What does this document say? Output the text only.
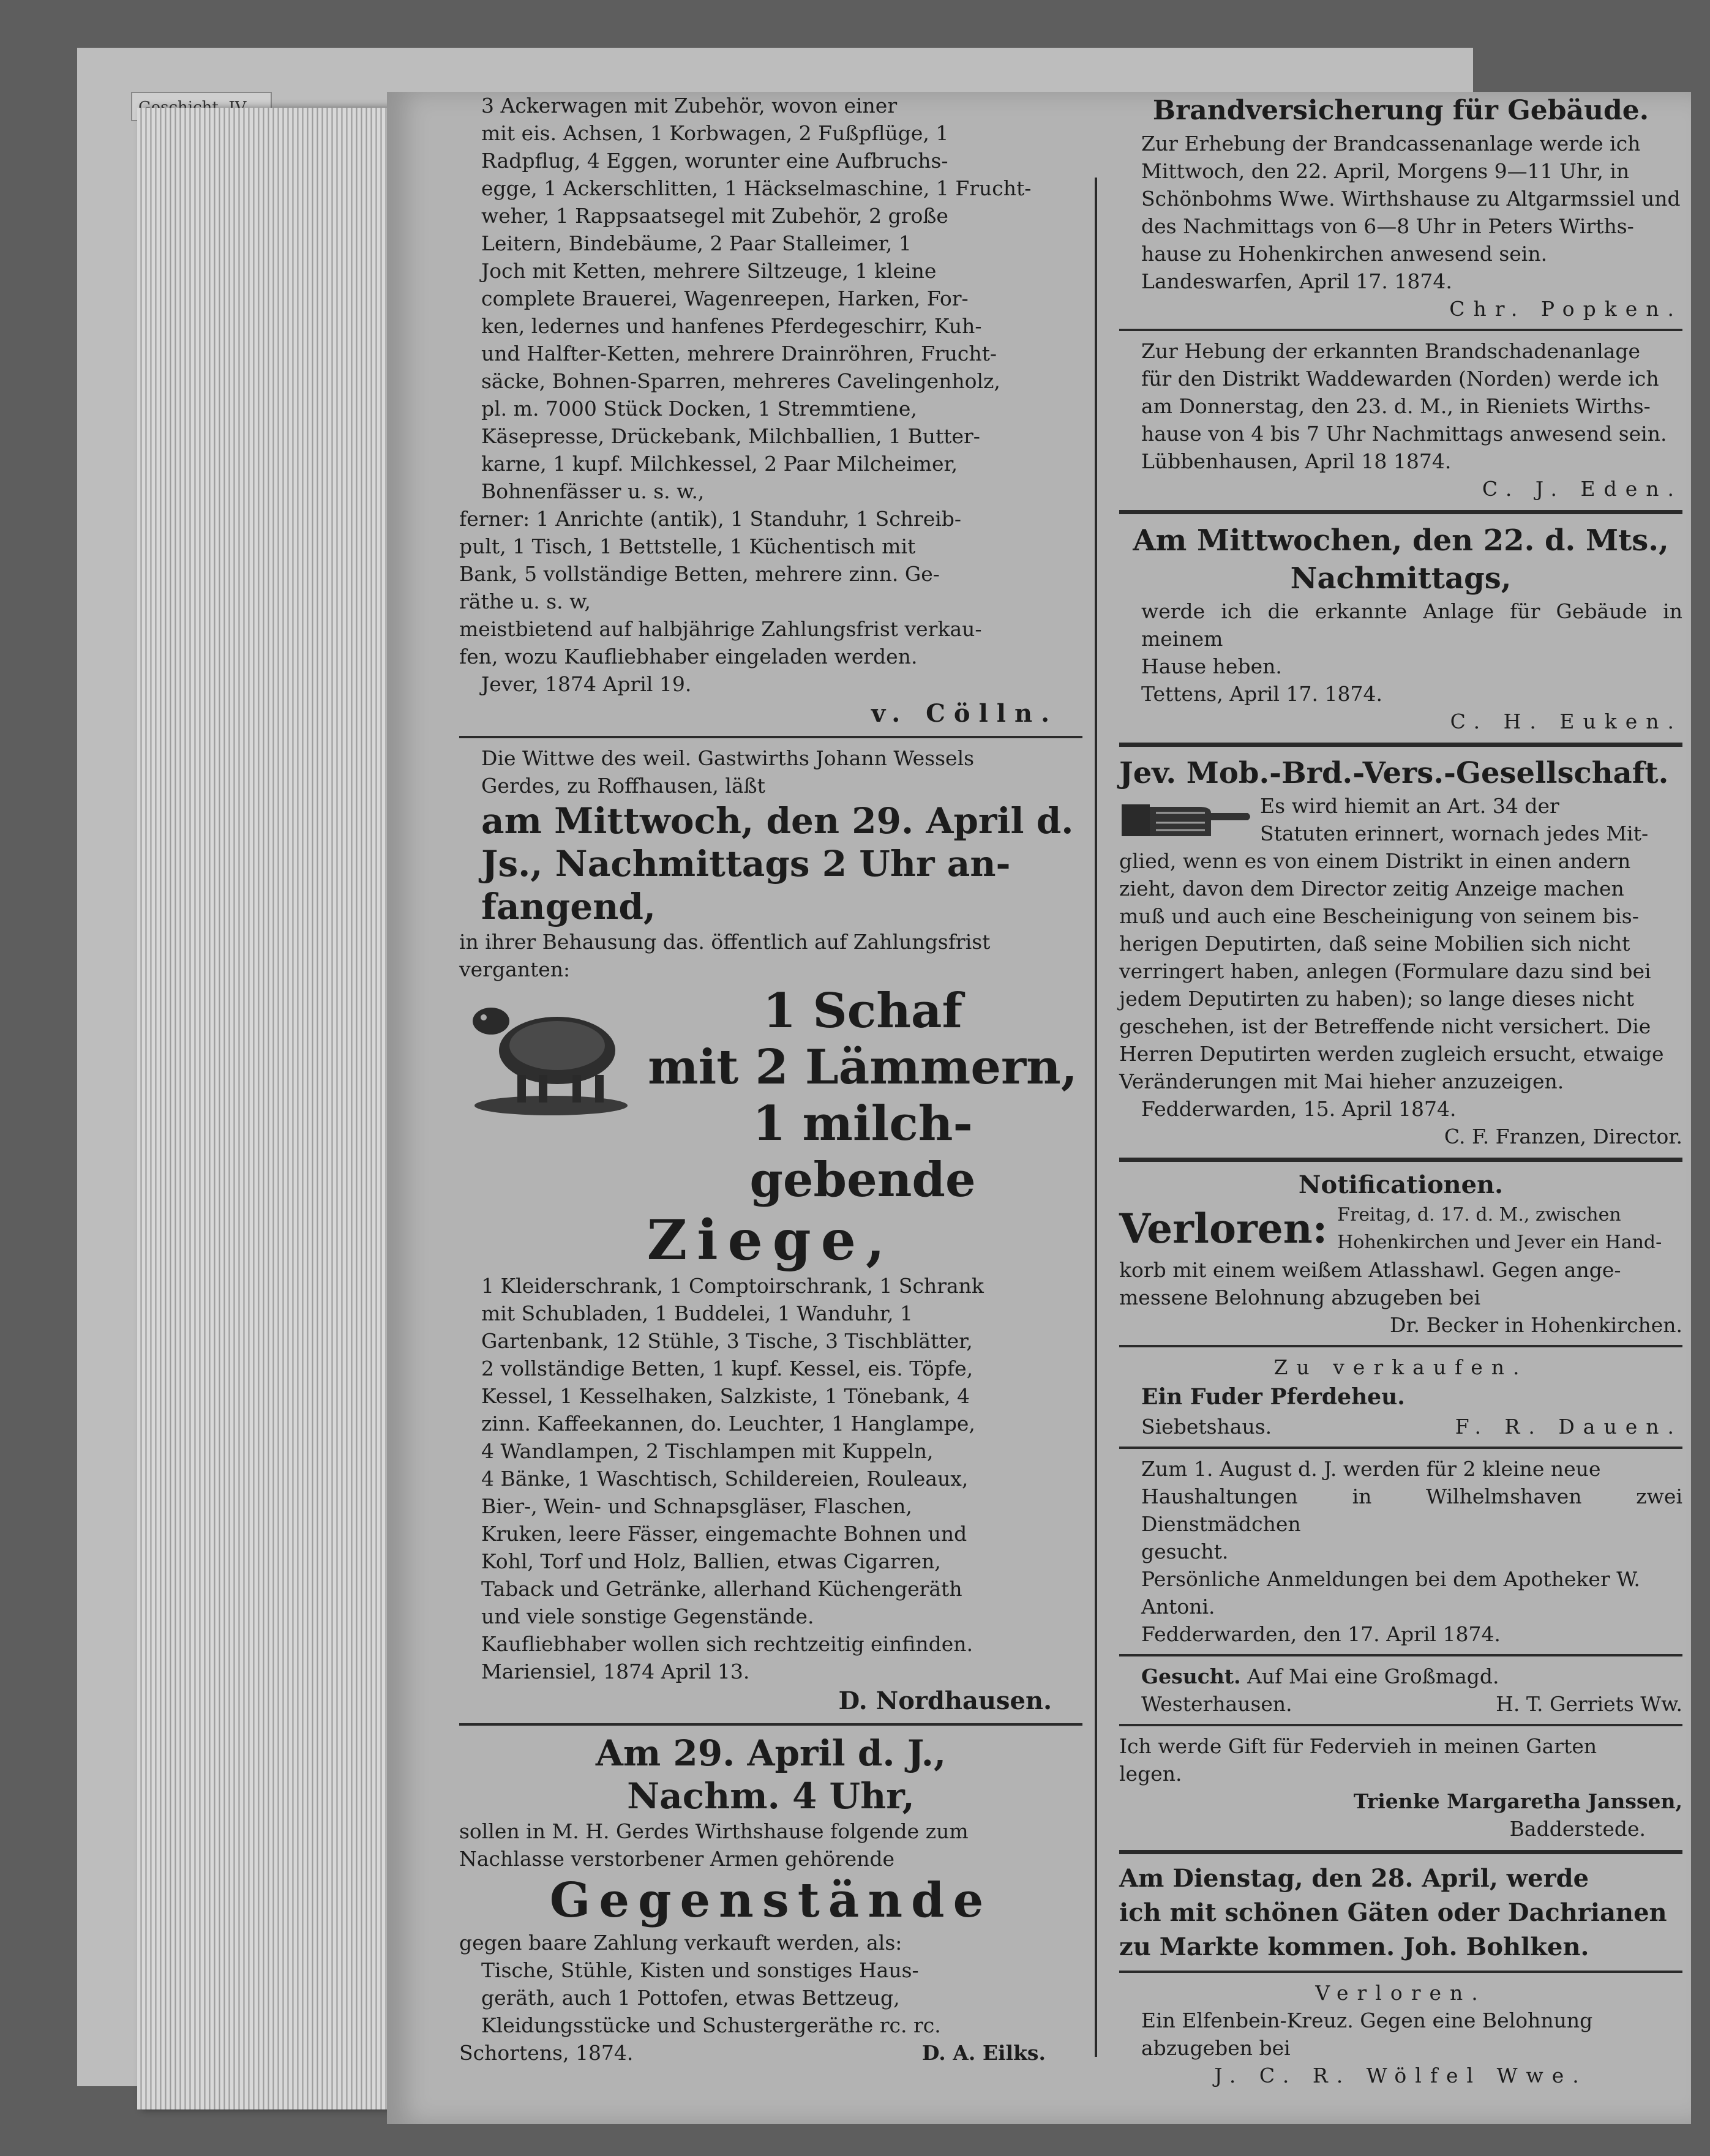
3 Ackerwagen mit Zubehör, wovon einer
mit eis. Achsen, 1 Korbwagen, 2 Fußpflüge, 1
Radpflug, 4 Eggen, worunter eine Aufbruchs-
egge, 1 Ackerschlitten, 1 Häckselmaschine, 1 Frucht-
weher, 1 Rappsaatsegel mit Zubehör, 2 große
Leitern, Bindebäume, 2 Paar Stalleimer, 1
Joch mit Ketten, mehrere Siltzeuge, 1 kleine
complete Brauerei, Wagenreepen, Harken, For-
ken, ledernes und hanfenes Pferdegeschirr, Kuh-
und Halfter-Ketten, mehrere Drainröhren, Frucht-
säcke, Bohnen-Sparren, mehreres Cavelingenholz,
pl. m. 7000 Stück Docken, 1 Stremmtiene,
Käsepresse, Drückebank, Milchballien, 1 Butter-
karne, 1 kupf. Milchkessel, 2 Paar Milcheimer,
Bohnenfässer u. s. w.,
ferner: 1 Anrichte (antik), 1 Standuhr, 1 Schreib-
pult, 1 Tisch, 1 Bettstelle, 1 Küchentisch mit
Bank, 5 vollständige Betten, mehrere zinn. Ge-
räthe u. s. w,
meistbietend auf halbjährige Zahlungsfrist verkau-
fen, wozu Kaufliebhaber eingeladen werden.

Jever, 1874 April 19.

v. Cölln.

Die Wittwe des weil. Gastwirths Johann Wessels
Gerdes, zu Roffhausen, läßt
am Mittwoch, den 29. April d.
Js., Nachmittags 2 Uhr an-
fangend,
in ihrer Behausung das. öffentlich auf Zahlungsfrist
verganten:
1 Schaf
mit 2 Lämmern, 1 milch-
gebende

Ziege,

1 Kleiderschrank, 1 Comptoirschrank, 1 Schrank
mit Schubladen, 1 Buddelei, 1 Wanduhr, 1
Gartenbank, 12 Stühle, 3 Tische, 3 Tischblätter,
2 vollständige Betten, 1 kupf. Kessel, eis. Töpfe,
Kessel, 1 Kesselhaken, Salzkiste, 1 Tönebank, 4
zinn. Kaffeekannen, do. Leuchter, 1 Hanglampe,
4 Wandlampen, 2 Tischlampen mit Kuppeln,
4 Bänke, 1 Waschtisch, Schildereien, Rouleaux,
Bier-, Wein- und Schnapsgläser, Flaschen,
Kruken, leere Fässer, eingemachte Bohnen und
Kohl, Torf und Holz, Ballien, etwas Cigarren,
Taback und Getränke, allerhand Küchengeräth
und viele sonstige Gegenstände.

Kaufliebhaber wollen sich rechtzeitig einfinden.

Mariensiel, 1874 April 13.

D. Nordhausen.

Am 29. April d. J.,
Nachm. 4 Uhr,
sollen in M. H. Gerdes Wirthshause folgende zum
Nachlasse verstorbener Armen gehörende

Gegenstände

gegen baare Zahlung verkauft werden, als:

Tische, Stühle, Kisten und sonstiges Haus-
geräth, auch 1 Pottofen, etwas Bettzeug,
Kleidungsstücke und Schustergeräthe rc. rc.
Schortens, 1874.	D. A. Eilks.

Brandversicherung für Gebäude.

Zur Erhebung der Brandcassenanlage werde ich
Mittwoch, den 22. April, Morgens 9—11 Uhr, in
Schönbohms Wwe. Wirthshause zu Altgarmssiel und
des Nachmittags von 6—8 Uhr in Peters Wirths-
hause zu Hohenkirchen anwesend sein.

Landeswarfen, April 17. 1874.

Chr. Popken.

Zur Hebung der erkannten Brandschadenanlage
für den Distrikt Waddewarden (Norden) werde ich
am Donnerstag, den 23. d. M., in Rieniets Wirths-
hause von 4 bis 7 Uhr Nachmittags anwesend sein.

Lübbenhausen, April 18 1874.

C. J. Eden.

Am Mittwochen, den 22. d. Mts.,
Nachmittags,
werde ich die erkannte Anlage für Gebäude in meinem
Hause heben.

Tettens, April 17. 1874.

C. H. Euken.

Jev. Mob.-Brd.-Vers.-Gesellschaft.

Es wird hiemit an Art. 34 der
Statuten erinnert, wornach jedes Mit-
glied, wenn es von einem Distrikt in einen andern
zieht, davon dem Director zeitig Anzeige machen
muß und auch eine Bescheinigung von seinem bis-
herigen Deputirten, daß seine Mobilien sich nicht
verringert haben, anlegen (Formulare dazu sind bei
jedem Deputirten zu haben); so lange dieses nicht
geschehen, ist der Betreffende nicht versichert. Die
Herren Deputirten werden zugleich ersucht, etwaige
Veränderungen mit Mai hieher anzuzeigen.

Fedderwarden, 15. April 1874.

C. F. Franzen, Director.

Notificationen.

Verloren: Freitag, d. 17. d. M., zwischen
Hohenkirchen und Jever ein Hand-
korb mit einem weißem Atlasshawl. Gegen ange-
messene Belohnung abzugeben bei

Dr. Becker in Hohenkirchen.

Zu verkaufen.

Ein Fuder Pferdeheu.

Siebetshaus.	F. R. Dauen.
Zum 1. August d. J. werden für 2 kleine neue
Haushaltungen in Wilhelmshaven zwei Dienstmädchen
gesucht.
Persönliche Anmeldungen bei dem Apotheker W.
Antoni.

Fedderwarden, den 17. April 1874.

Gesucht. Auf Mai eine Großmagd.

Westerhausen.	H. T. Gerriets Ww.
Ich werde Gift für Federvieh in meinen Garten
legen.

Trienke Margaretha Janssen,

Badderstede.

Am Dienstag, den 28. April, werde
ich mit schönen Gäten oder Dachrianen
zu Markte kommen. Joh. Bohlken.

Verloren.

Ein Elfenbein-Kreuz. Gegen eine Belohnung
abzugeben bei

J. C. R. Wölfel Wwe.
